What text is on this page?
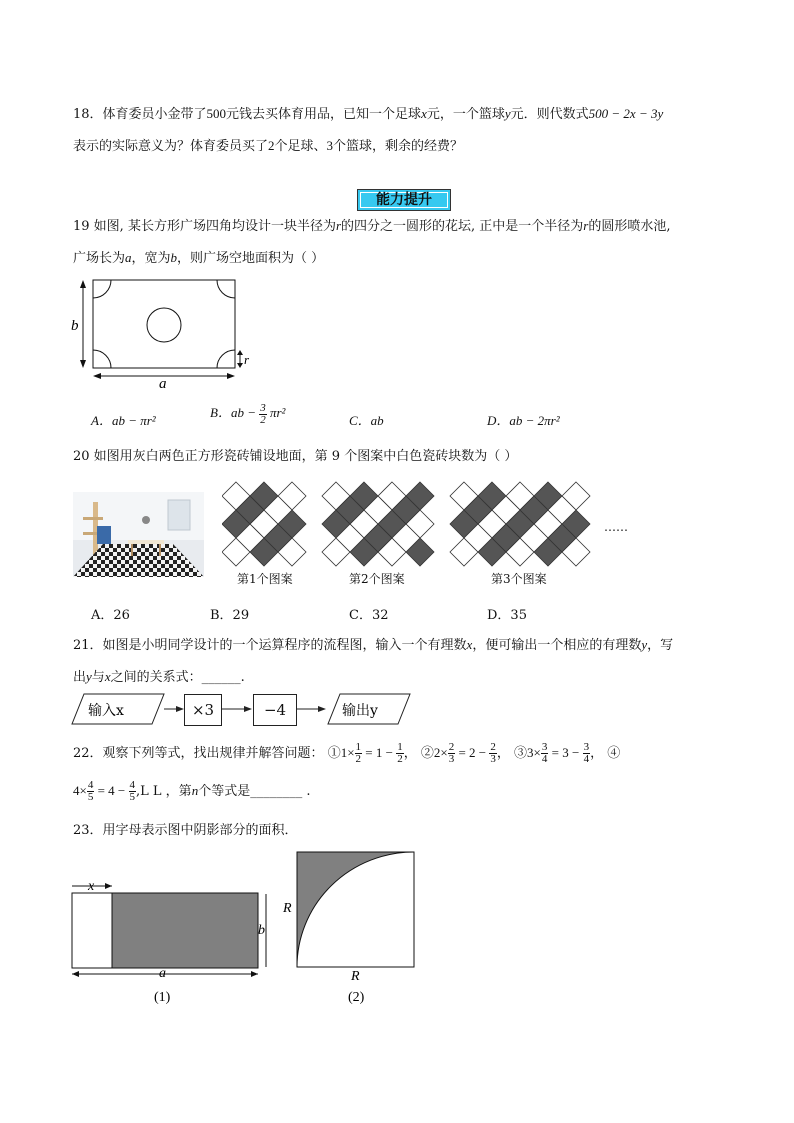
18．体育委员小金带了500元钱去买体育用品，已知一个足球x元，一个篮球y元．则代数式500 − 2x − 3y
表示的实际意义为？体育委员买了2个足球、3个篮球，剩余的经费？
能力提升
19 如图, 某长方形广场四角均设计一块半径为r的四分之一圆形的花坛, 正中是一个半径为r的圆形喷水池,
广场长为a，宽为b，则广场空地面积为（ ）
b
a
r
A．ab − πr²
B．ab − $\frac{3}{2} \pi r^2$
C．ab	D．ab − 2πr²
20 如图用灰白两色正方形瓷砖铺设地面，第 9 个图案中白色瓷砖块数为（ ）
第1个图案	第2个图案	第3个图案
……
A．26	B．29	C．32	D．35
21．如图是小明同学设计的一个运算程序的流程图，输入一个有理数x，便可输出一个相应的有理数y，写
出y与x之间的关系式：______.
输入x	输出y
×3	−4
22．观察下列等式，找出规律并解答问题： ①1× $\frac{1}{2} = 1 - \frac{1}{2}$ ， ②2× $\frac{2}{3} = 2 - \frac{2}{3}$ ， ③3× $\frac{3}{4} = 3 - \frac{3}{4}$ ， ④
$4\times \frac{4}{5} = 4 - \frac{4}{5} ,L$ L ，第n个等式是________ .
23．用字母表示图中阴影部分的面积．
x
b
a
(1)
R
R
(2)
